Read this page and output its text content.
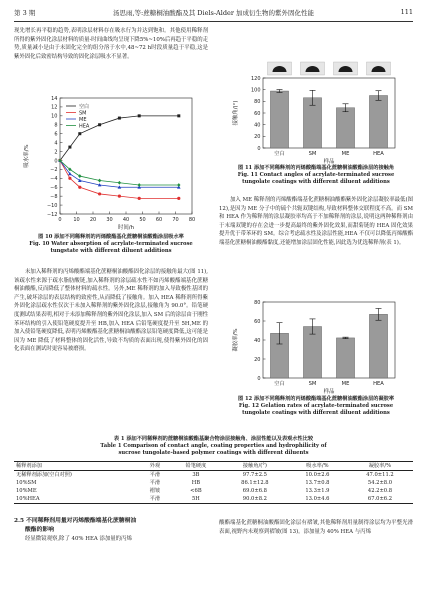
第 3 期	汤思雨,等:蔗糖桐油酸酯及其 Diels-Alder 加成衍生物的紫外固化性能	111
现先增长再平稳的趋势,表明涂层材料存在吸水行为并达到饱和。其他使用稀释剂所得的紫外固化涂层材料的质量-时间曲线均呈现下降5%~10%后再趋于平稳的走势,质量减小是由于未固化完全的组分溶于水中,48~72 h时段质量趋于平稳,这是紫外固化后致密结构导致的固化涂层吸水不显著。
14
12
10
8
6
4
2
0
−2
−4
−6
−8
−10
−12
0 10 20 30 40 50 60 70 80
时间/h
吸水率/%
空白
SM
ME
HEA
图 10 添加不同稀释剂的丙烯酸酯基化蔗糖桐油酸酯涂层吸水率
Fig. 10 Water absorption of acrylate-terminated sucrose tungstate with different diluent additions
未加入稀释剂的丙烯酸酯端基化蔗糖桐油酸酯固化涂层的接触角最大(图 11),该疏水性来源于疏水脂肪酸链,加入稀释剂的涂层疏水性不如丙烯酸酯端基化蔗糖桐油酸酯,反而降低了整体材料的疏水性。另外,ME 稀释剂的加入导致极性基团的产生,破坏涂层的表层结构的致密性,从而降低了接触角。加入 HEA 稀释剂所得紫外固化涂层疏水性仅次于未加入稀释剂的紫外固化涂层,接触角为 90.0°。铅笔硬度测试结果表明,相对于未添加稀释剂的紫外固化涂层,加入 SM 后的涂层由于刚性苯环结构的引入使铅笔硬度提升至 HB,加入 HEA 后铅笔硬度提升至 5H,ME 的加入使铅笔硬度降低,表明丙烯酸酯基化蔗糖桐油酸酯涂层铅笔硬度降低,这可能是因为 ME 降低了材料整体的固化活性,导致不均质的表面出现,使得紫外固化的固化表面在测试时更容易被磨损。
120
100
80
60
40
20
0
空白	SM	ME	HEA
样品
接触角/(°)
图 11 添加不同稀释剂的丙烯酸酯端基化蔗糖桐油酸酯涂层的接触角
Fig. 11 Contact angles of acrylate-terminated sucrose tungolate coatings with different diluent additions
加入 ME 稀释剂的丙烯酸酯端基化蔗糖桐油酸酯紫外固化涂层凝胶率最低(图 12),是因为 ME 分子中的硫个共轭双键结构,导致材料整体交联程度不高。而 SM 和 HEA 作为稀释剂的涂层凝胶率均高于不加稀释剂的涂层,说明这两种稀释剂由于末端双键的存在会进一步提高最终的紫外固化效果,而甜菊链的 HEA 固化效果提升优于带苯环的 SM。综合考虑疏水性及涂层性能,HEA 不仅可以降低丙烯酸酯端基化蔗糖桐油酸酯黏度,还能增加涂层固化性能,因此选为优选稀释剂(表 1)。
80
60
40
20
0
空白	SM	ME	HEA
样品
凝胶率/%
图 12 添加不同稀释剂的丙烯酸酯端基化蔗糖桐油酸酯涂层的凝胶率
Fig. 12 Gelation rates of acrylate-terminated sucrose tungolate coatings with different diluent additions
表 1 添加不同稀释剂的蔗糖桐油酸酯基聚合物涂层接触角、涂层性能以及表观水性比较
Table 1 Comparison of contact angle, coating properties and hydrophilicity of
sucrose tungolate-based polymer coatings with different diluents
稀释剂添加	外观	铅笔硬度	接触角/(°)	吸水率/%	凝胶率/%
无稀释剂添加(空白对照)	平滑	3B	97.7±2.5	10.0±2.6	47.0±11.2
10%SM	平滑	HB	86.1±12.8	13.7±0.8	54.2±8.0
10%ME	褶皱	<6B	69.0±6.8	13.3±1.9	42.2±0.8
10%HEA	平滑	5H	90.0±8.2	13.0±4.6	67.0±6.2
2.5 不同稀释剂用量对丙烯酸酯端基化蔗糖桐油
酸酯的影响
经显微镜观察,除了 40% HEA 添加量的丙烯
酸酯端基化蔗糖桐油酸酯固化涂层有褶皱,其他稀释剂用量制得涂层均为平整光滑表面,视野内未观察到褶皱(图 13)。添加量为 40% HEA 与丙烯
